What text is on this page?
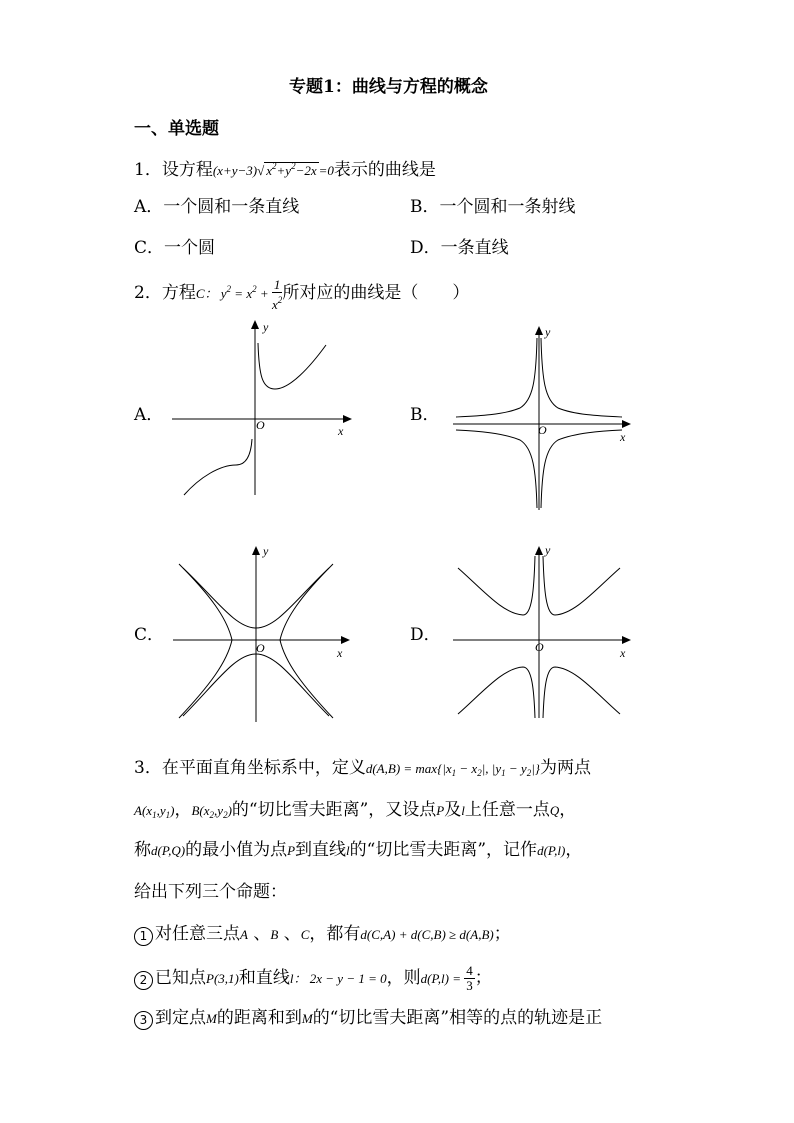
专题1：曲线与方程的概念
一、单选题
1．设方程(x+y−3)√ $x^2+y^2-2x =0$表示的曲线是
A．一个圆和一条直线	B．一个圆和一条射线
C．一个圆	D．一条直线
2．方程C： $y^2 = x^2 + \frac{1}{x^2}$ 所对应的曲线是（　　）
A．
x
y
O	B．
x
y
O
C．
x
y
O
D．
x
y
O
3．在平面直角坐标系中，定义$d(A,B) = \max\{|x_1 - x_2|$, $|y_1 - y_2|$}为两点
$A(x_1,y_1)$，$B(x_2,y_2)$的“切比雪夫距离”，又设点P及l上任意一点Q，
称d(P,Q)的最小值为点P到直线l的“切比雪夫距离”，记作d(P,l)，
给出下列三个命题：
1 对任意三点A 、B 、C，都有d(C,A) + d(C,B) ≥ d(A,B)；
2 已知点P(3,1)和直线l： 2x − y − 1 = 0，则$d(P,l) = \frac{4}{3}$ ；
3 到定点M的距离和到M的“切比雪夫距离”相等的点的轨迹是正
